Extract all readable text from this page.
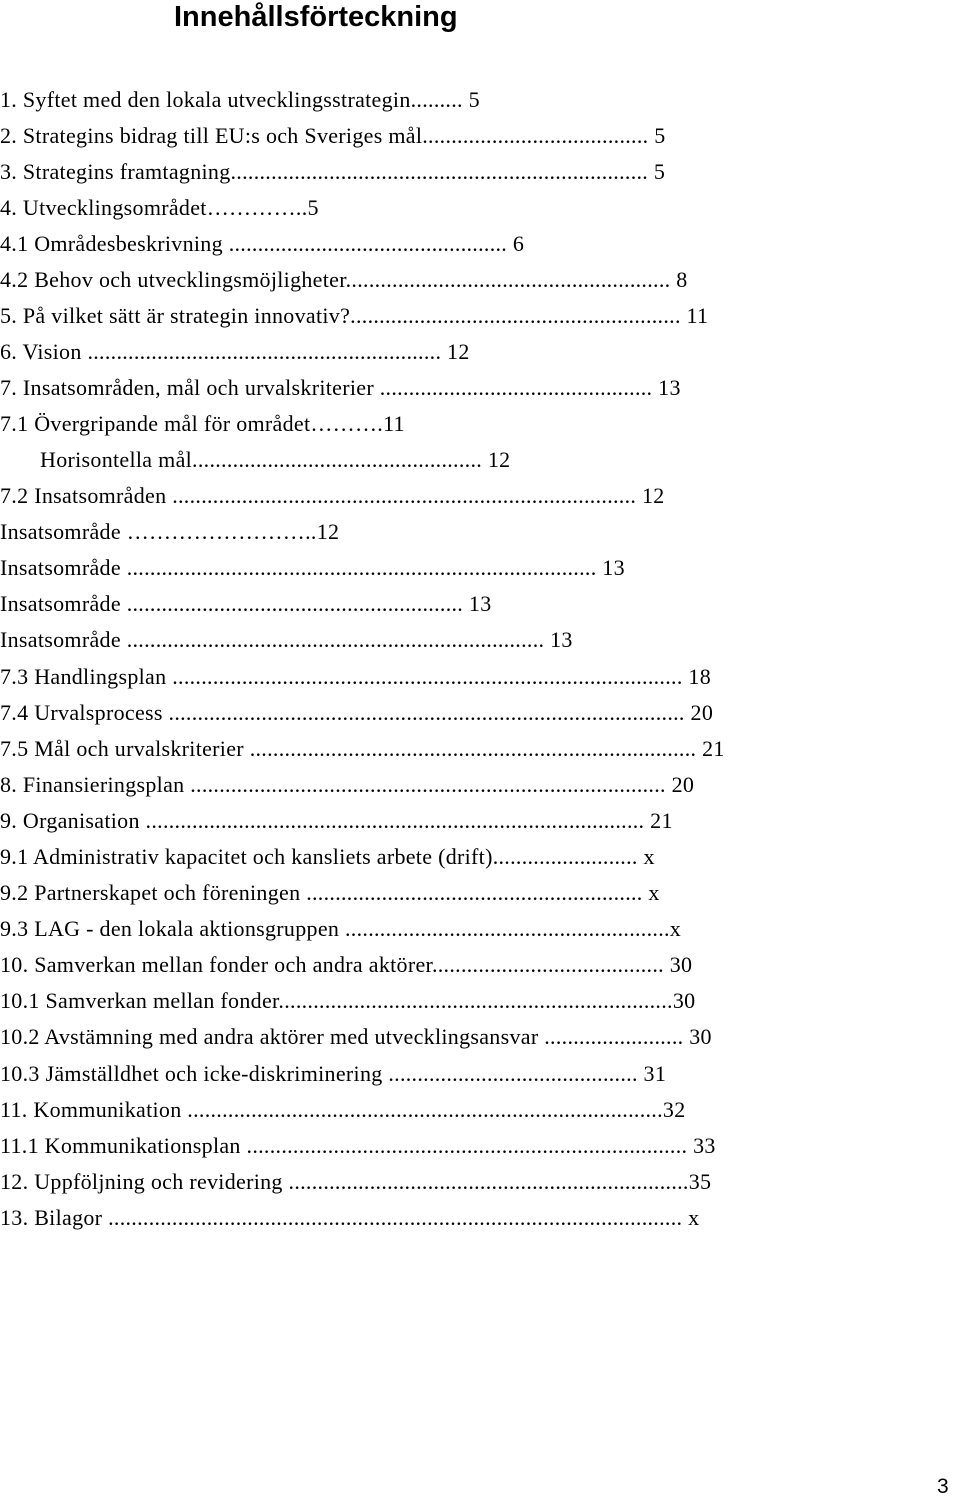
Innehållsförteckning
1. Syftet med den lokala utvecklingsstrategin......... 5
2. Strategins bidrag till EU:s och Sveriges mål....................................... 5
3. Strategins framtagning........................................................................ 5
4. Utvecklingsområdet…………..5
4.1 Områdesbeskrivning ................................................ 6
4.2 Behov och utvecklingsmöjligheter........................................................ 8
5. På vilket sätt är strategin innovativ?......................................................... 11
6. Vision ............................................................. 12
7. Insatsområden, mål och urvalskriterier ............................................... 13
7.1 Övergripande mål för området……….11
Horisontella mål.................................................. 12
7.2 Insatsområden ................................................................................ 12
Insatsområde ……………………..12
Insatsområde ................................................................................. 13
Insatsområde .......................................................... 13
Insatsområde ........................................................................ 13
7.3 Handlingsplan ........................................................................................ 18
7.4 Urvalsprocess ......................................................................................... 20
7.5 Mål och urvalskriterier ............................................................................. 21
8. Finansieringsplan .................................................................................. 20
9. Organisation ...................................................................................... 21
9.1 Administrativ kapacitet och kansliets arbete (drift)......................... x
9.2 Partnerskapet och föreningen .......................................................... x
9.3 LAG - den lokala aktionsgruppen ........................................................x
10. Samverkan mellan fonder och andra aktörer........................................ 30
10.1 Samverkan mellan fonder....................................................................30
10.2 Avstämning med andra aktörer med utvecklingsansvar ........................ 30
10.3 Jämställdhet och icke-diskriminering ........................................... 31
11. Kommunikation ..................................................................................32
11.1 Kommunikationsplan ............................................................................ 33
12. Uppföljning och revidering .....................................................................35
13. Bilagor ................................................................................................... x
3
